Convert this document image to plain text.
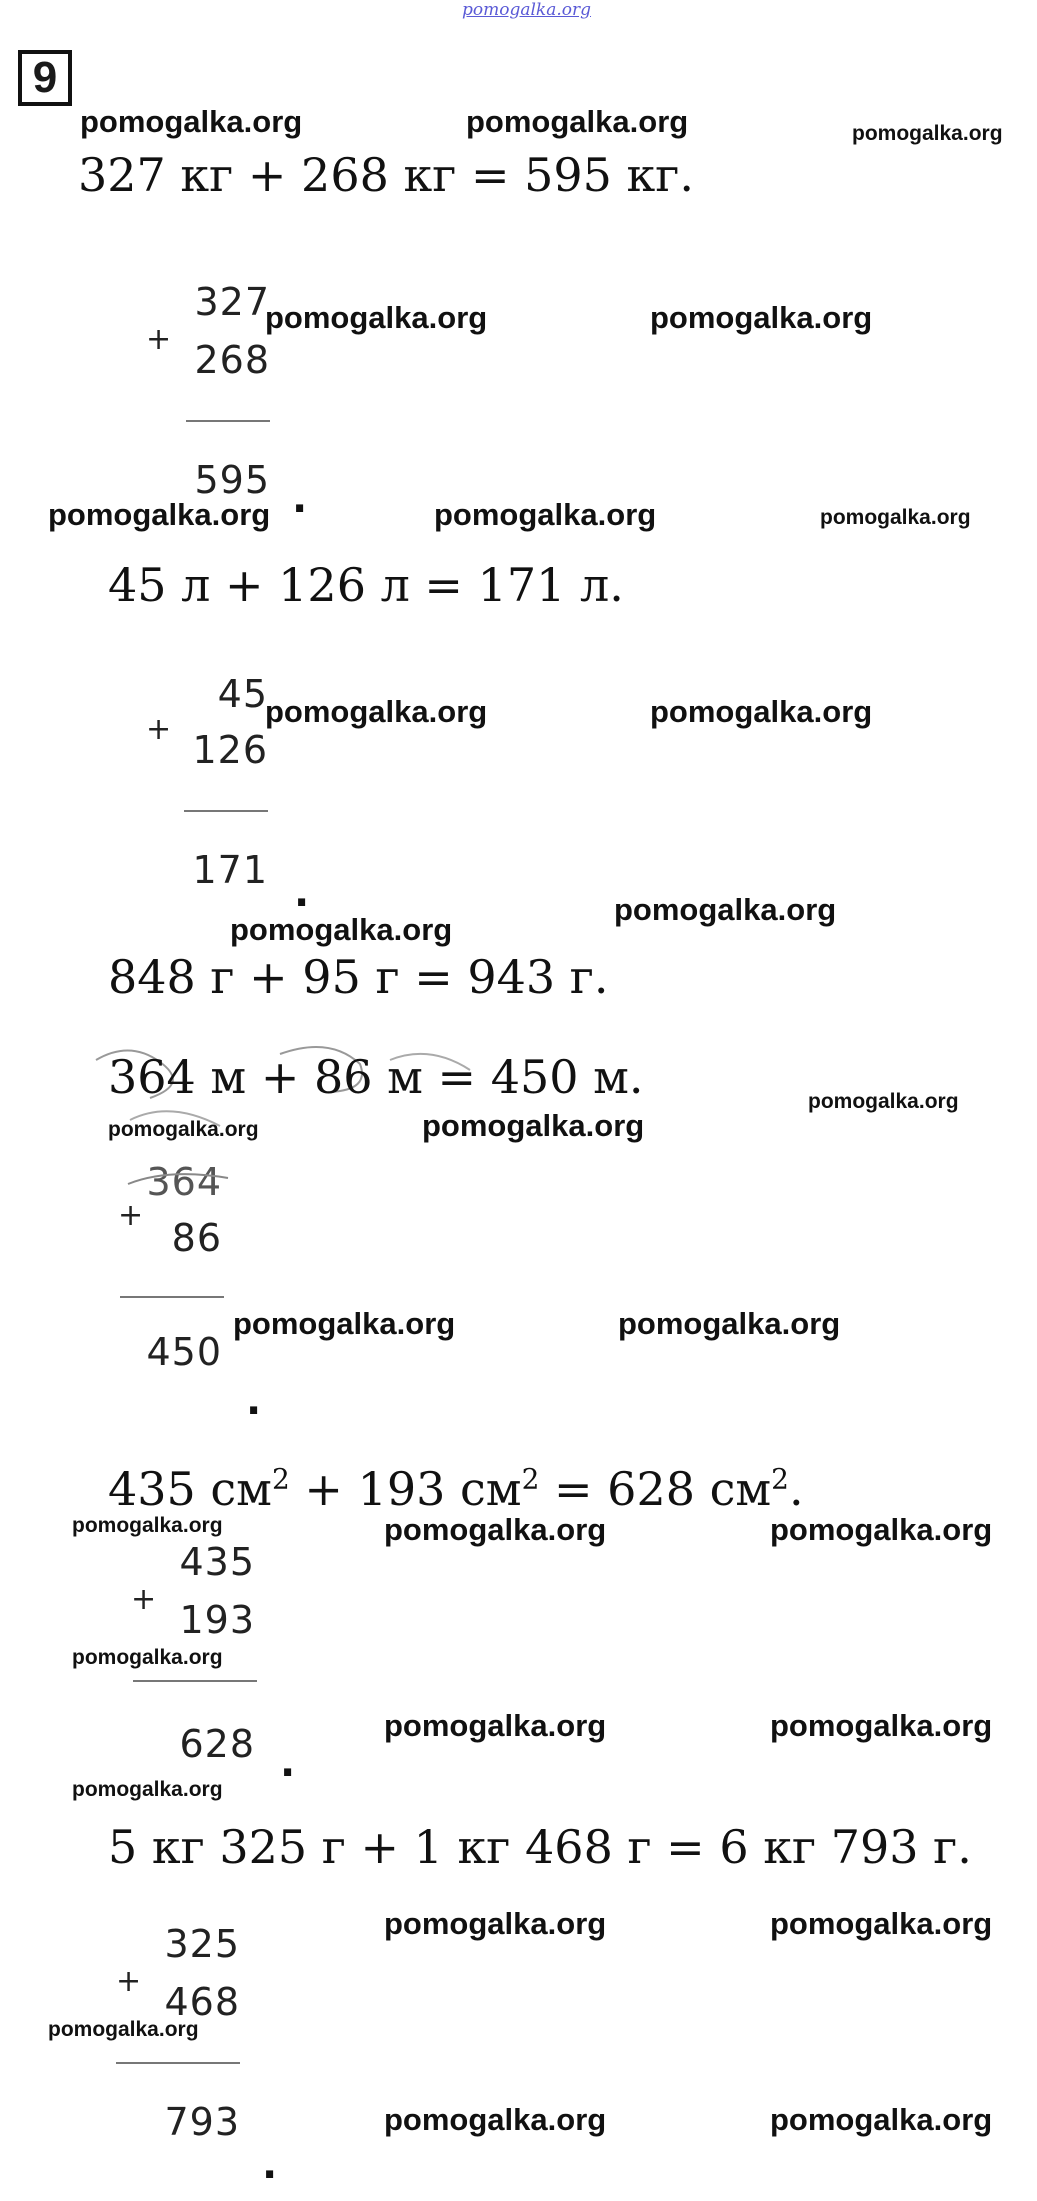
pomogalka.org
9
pomogalka.org	pomogalka.org	pomogalka.org
327 кг + 268 кг = 595 кг.
+
327
268
595 .
pomogalka.org	pomogalka.org
pomogalka.org	pomogalka.org	pomogalka.org
45 л + 126 л = 171 л.
+
45
126
171 .
pomogalka.org	pomogalka.org
pomogalka.org
pomogalka.org
848 г + 95 г = 943 г.
364 м + 86 м = 450 м.	pomogalka.org
pomogalka.org	pomogalka.org
+
364
86
450
.
pomogalka.org	pomogalka.org
435 $см^2 + 193$ $см^2 = 628$ $см^2$.
pomogalka.org	pomogalka.org	pomogalka.org
+
435
193
628
pomogalka.org
.
pomogalka.org	pomogalka.org
pomogalka.org
5 кг 325 г + 1 кг 468 г = 6 кг 793 г.
pomogalka.org	pomogalka.org
+
325
468
793
pomogalka.org
pomogalka.org	pomogalka.org
.
